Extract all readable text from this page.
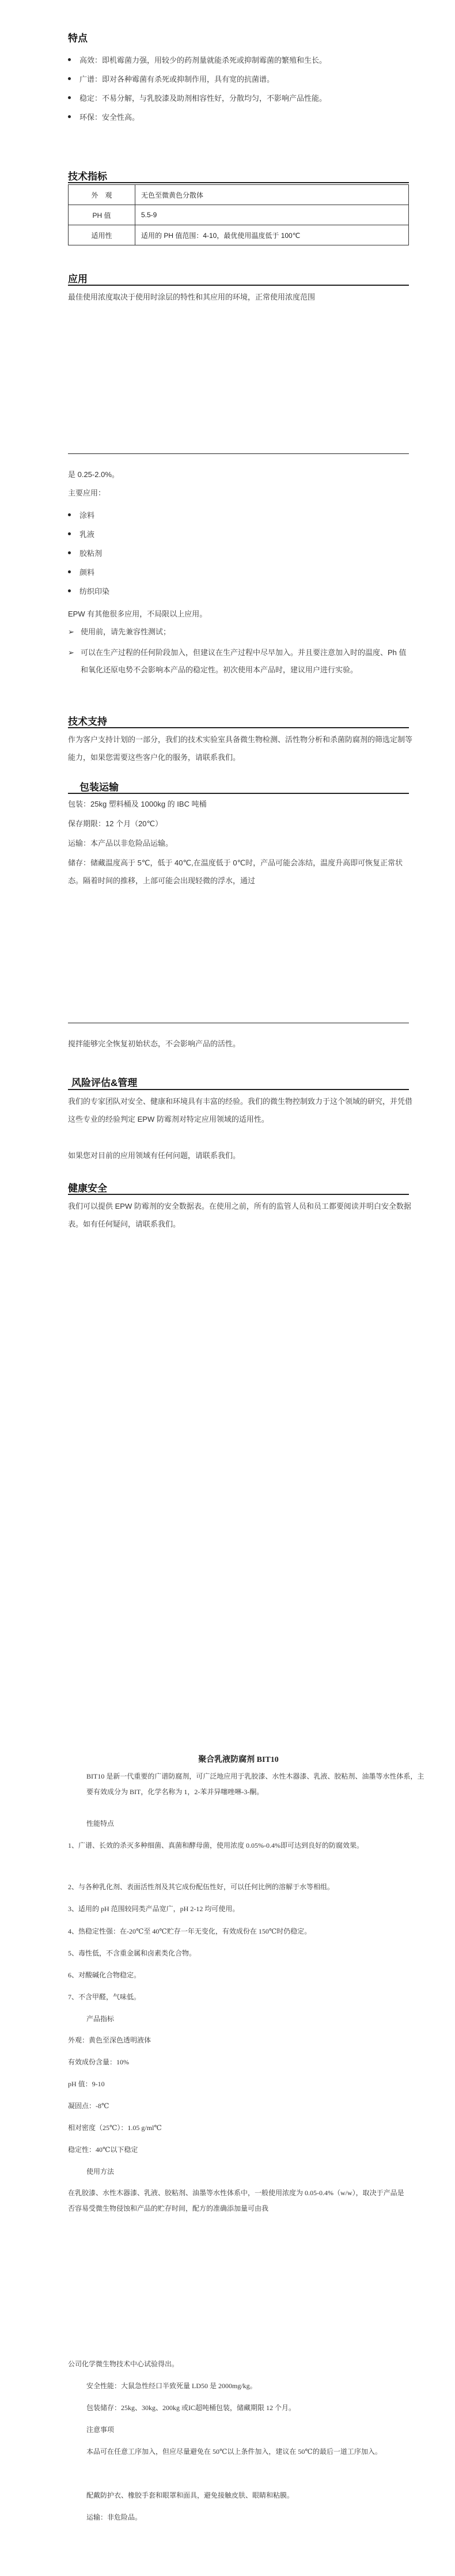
特点
高效：即机霉菌力强，用较少的药剂量就能杀死或抑制霉菌的繁殖和生长。
广谱：即对各种霉菌有杀死或抑制作用，具有宽的抗菌谱。
稳定：不易分解，与乳胶漆及助剂相容性好，分散均匀，不影响产品性能。
环保：安全性高。
技术指标
外　观	无色至微黄色分散体
PH 值	5.5-9
适用性	适用的 PH 值范围：4-10，最优使用温度低于 100℃
应用
最佳使用浓度取决于使用时涂层的特性和其应用的环境，正常使用浓度范围
是 0.25-2.0%。
主要应用：
涂料
乳液
胶粘剂
颜料
纺织印染
EPW 有其他很多应用，不局限以上应用。
➢ 使用前，请先兼容性测试；
➢ 可以在生产过程的任何阶段加入，但建议在生产过程中尽早加入。并且要注意加入时的温度、Ph 值和氧化还原电势不会影响本产品的稳定性。初次使用本产品时，建议用户进行实验。
技术支持
作为客户支持计划的一部分，我们的技术实验室具备微生物检测、活性物分析和杀菌防腐剂的筛选定制等能力，如果您需要这些客户化的服务，请联系我们。
包装运输
包装：25kg 塑料桶及 1000kg 的 IBC 吨桶
保存期限：12 个月（20℃）
运输：本产品以非危险品运输。
储存：储藏温度高于 5℃，低于 40℃,在温度低于 0℃时，产品可能会冻结，温度升高即可恢复正常状态。隔着时间的推移，上部可能会出现轻微的浮水，通过
搅拌能够完全恢复初始状态，不会影响产品的活性。
风险评估&管理
我们的专家团队对安全、健康和环境具有丰富的经验。我们的微生物控制致力于这个领域的研究，并凭借这些专业的经验判定 EPW 防霉剂对特定应用领域的适用性。
如果您对目前的应用领域有任何问题，请联系我们。
健康安全
我们可以提供 EPW 防霉剂的安全数据表。在使用之前，所有的监管人员和员工都要阅读并明白安全数据表。如有任何疑问，请联系我们。
聚合乳液防腐剂 BIT10
BIT10 是新一代重要的广谱防腐剂，可广泛地应用于乳胶漆、水性木器漆、乳液、胶粘剂、油墨等水性体系，主要有效成分为 BIT，化学名称为 1，2-苯并异噻唑啉-3-酮。
性能特点
1、广谱、长效的杀灭多种细菌、真菌和酵母菌，使用浓度 0.05%-0.4%即可达到良好的防腐效果。
2、与各种乳化剂、表面活性剂及其它成份配伍性好，可以任何比例的溶解于水等相组。
3、适用的 pH 范围较同类产品宽广，pH 2-12 均可使用。
4、热稳定性强：在-20℃至 40℃贮存一年无变化，有效成份在 150℃时仍稳定。
5、毒性低，不含重金属和卤素类化合物。
6、对酸碱化合物稳定。
7、不含甲醛，气味低。
产品指标
外观：黄色至深色透明液体
有效成份含量：10%
pH 值：9-10
凝固点：-8℃
相对密度（25℃）：1.05 g/ml℃
稳定性：40℃以下稳定
使用方法
在乳胶漆、水性木器漆、乳液、胶粘剂、油墨等水性体系中，一般使用浓度为 0.05-0.4%（w/w），取决于产品是否容易受微生物侵蚀和产品的贮存时间，配方的准确添加量可由我
公司化学微生物技术中心试验得出。
安全性能：大鼠急性经口半致死量 LD50 是 2000mg/kg。
包装储存：25kg、30kg、200kg 或IC超吨桶包装，储藏期限 12 个月。
注意事项
本品可在任意工序加入，但应尽量避免在 50℃以上条件加入，建议在 50℃的最后一道工序加入。
配戴防护衣、橡胶手套和眼罩和面具，避免接触皮肤、眼睛和粘膜。
运输：非危险品。
